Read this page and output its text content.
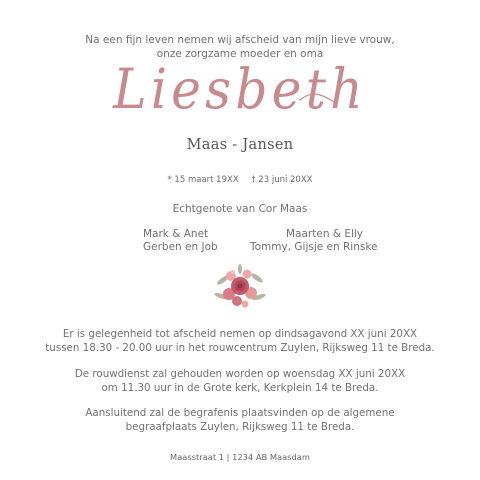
Na een fijn leven nemen wij afscheid van mijn lieve vrouw,
onze zorgzame moeder en oma
Liesbeth
Maas - Jansen
* 15 maart 19XX † 23 juni 20XX
Echtgenote van Cor Maas
Mark & Anet
Gerben en Job
Maarten & Elly
Tommy, Gijsje en Rinske
Er is gelegenheid tot afscheid nemen op dindsagavond XX juni 20XX
tussen 18.30 - 20.00 uur in het rouwcentrum Zuylen, Rijksweg 11 te Breda.
De rouwdienst zal gehouden worden op woensdag XX juni 20XX
om 11.30 uur in de Grote kerk, Kerkplein 14 te Breda.
Aansluitend zal de begrafenis plaatsvinden op de algemene
begraafplaats Zuylen, Rijksweg 11 te Breda.
Maasstraat 1 | 1234 AB Maasdam
